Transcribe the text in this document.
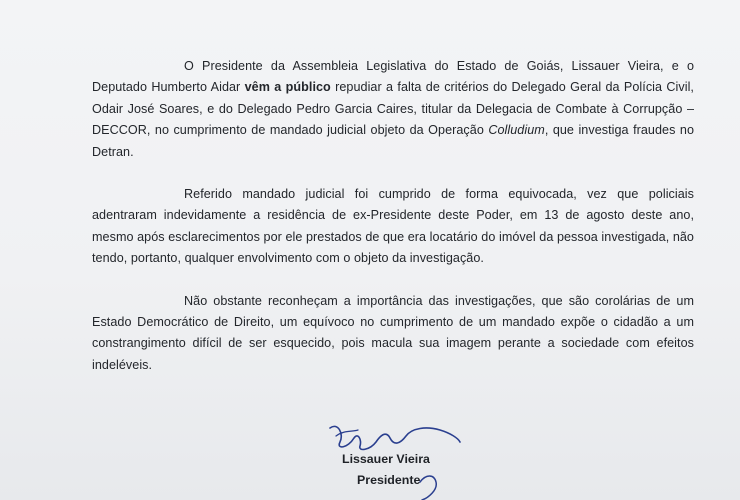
O Presidente da Assembleia Legislativa do Estado de Goiás, Lissauer Vieira, e o Deputado Humberto Aidar vêm a público repudiar a falta de critérios do Delegado Geral da Polícia Civil, Odair José Soares, e do Delegado Pedro Garcia Caires, titular da Delegacia de Combate à Corrupção – DECCOR, no cumprimento de mandado judicial objeto da Operação Colludium, que investiga fraudes no Detran.

Referido mandado judicial foi cumprido de forma equivocada, vez que policiais adentraram indevidamente a residência de ex-Presidente deste Poder, em 13 de agosto deste ano, mesmo após esclarecimentos por ele prestados de que era locatário do imóvel da pessoa investigada, não tendo, portanto, qualquer envolvimento com o objeto da investigação.

Não obstante reconheçam a importância das investigações, que são corolárias de um Estado Democrático de Direito, um equívoco no cumprimento de um mandado expõe o cidadão a um constrangimento difícil de ser esquecido, pois macula sua imagem perante a sociedade com efeitos indeléveis.

Lissauer Vieira
Presidente
